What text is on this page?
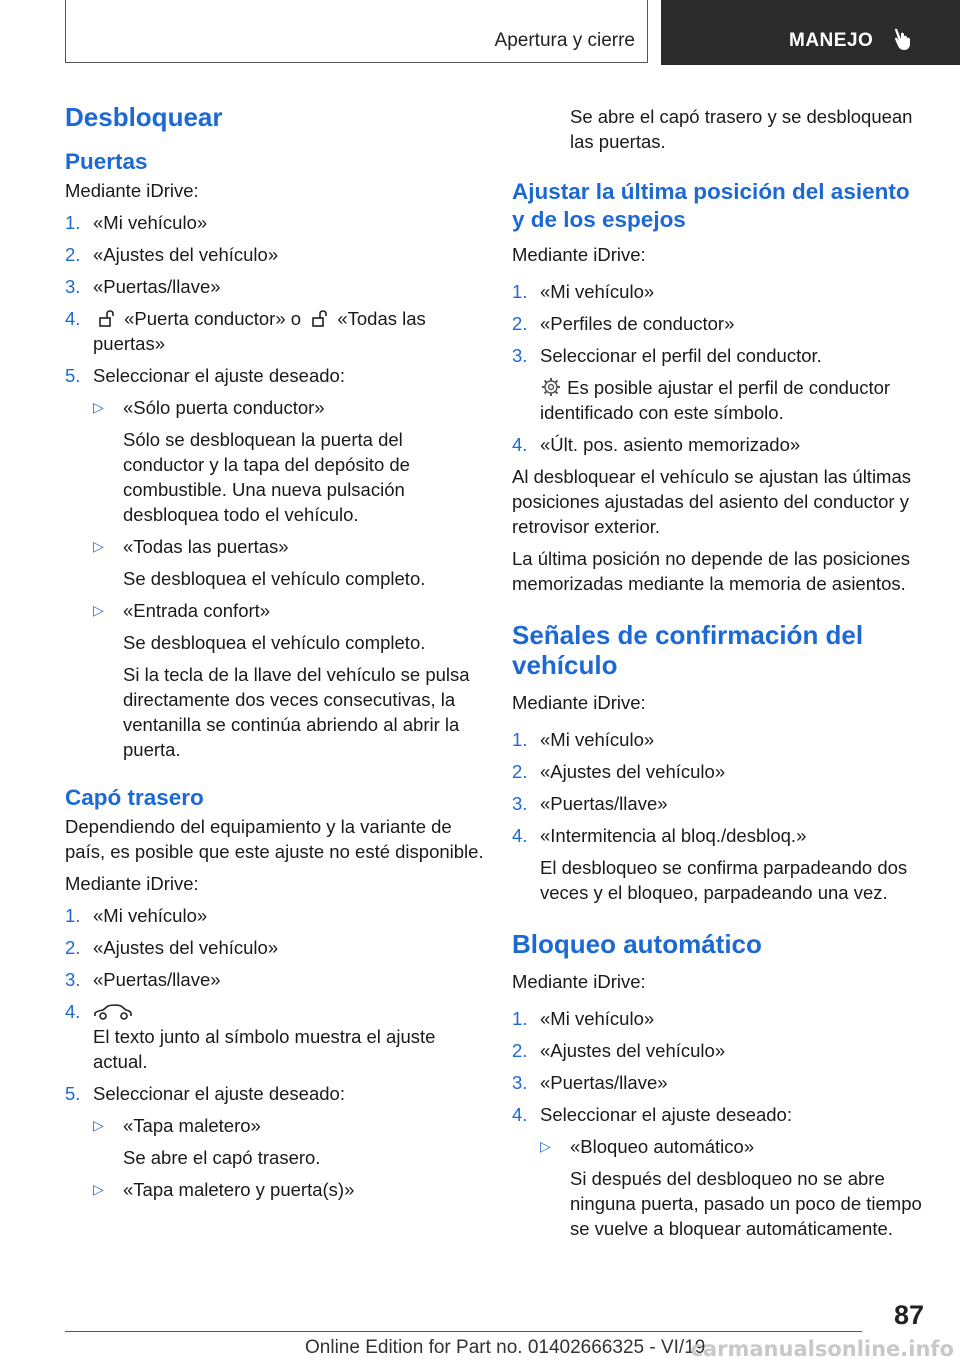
Apertura y cierre	MANEJO
Desbloquear
Puertas

Mediante iDrive:

1. «Mi vehículo»
2. «Ajustes del vehículo»
3. «Puertas/llave»
4.	«Puerta conductor» o  «Todas las puertas»
5. Seleccionar el ajuste deseado:
▷	«Sólo puerta conductor»

Sólo se desbloquean la puerta del conductor y la tapa del depósito de combustible. Una nueva pulsación desbloquea todo el vehículo.

▷	«Todas las puertas»

Se desbloquea el vehículo completo.

▷	«Entrada confort»

Se desbloquea el vehículo completo.

Si la tecla de la llave del vehículo se pulsa directamente dos veces consecutivas, la ventanilla se continúa abriendo al abrir la puerta.

Capó trasero

Dependiendo del equipamiento y la variante de país, es posible que este ajuste no esté disponible.

Mediante iDrive:

1. «Mi vehículo»
2. «Ajustes del vehículo»
3. «Puertas/llave»
4.

El texto junto al símbolo muestra el ajuste actual.

5. Seleccionar el ajuste deseado:
▷	«Tapa maletero»

Se abre el capó trasero.

▷	«Tapa maletero y puerta(s)»

Se abre el capó trasero y se desbloquean las puertas.

Ajustar la última posición del asiento y de los espejos

Mediante iDrive:

1. «Mi vehículo»
2. «Perfiles de conductor»
3. Seleccionar el perfil del conductor.

Es posible ajustar el perfil de conductor identificado con este símbolo.

4. «Últ. pos. asiento memorizado»

Al desbloquear el vehículo se ajustan las últimas posiciones ajustadas del asiento del conductor y retrovisor exterior.

La última posición no depende de las posiciones memorizadas mediante la memoria de asientos.

Señales de confirmación del vehículo

Mediante iDrive:

1. «Mi vehículo»
2. «Ajustes del vehículo»
3. «Puertas/llave»
4. «Intermitencia al bloq./desbloq.»

El desbloqueo se confirma parpadeando dos veces y el bloqueo, parpadeando una vez.

Bloqueo automático

Mediante iDrive:

1. «Mi vehículo»
2. «Ajustes del vehículo»
3. «Puertas/llave»
4. Seleccionar el ajuste deseado:
▷	«Bloqueo automático»

Si después del desbloqueo no se abre ninguna puerta, pasado un poco de tiempo se vuelve a bloquear automáticamente.

87
Online Edition for Part no. 01402666325 - VI/19
carmanualsonline.info
